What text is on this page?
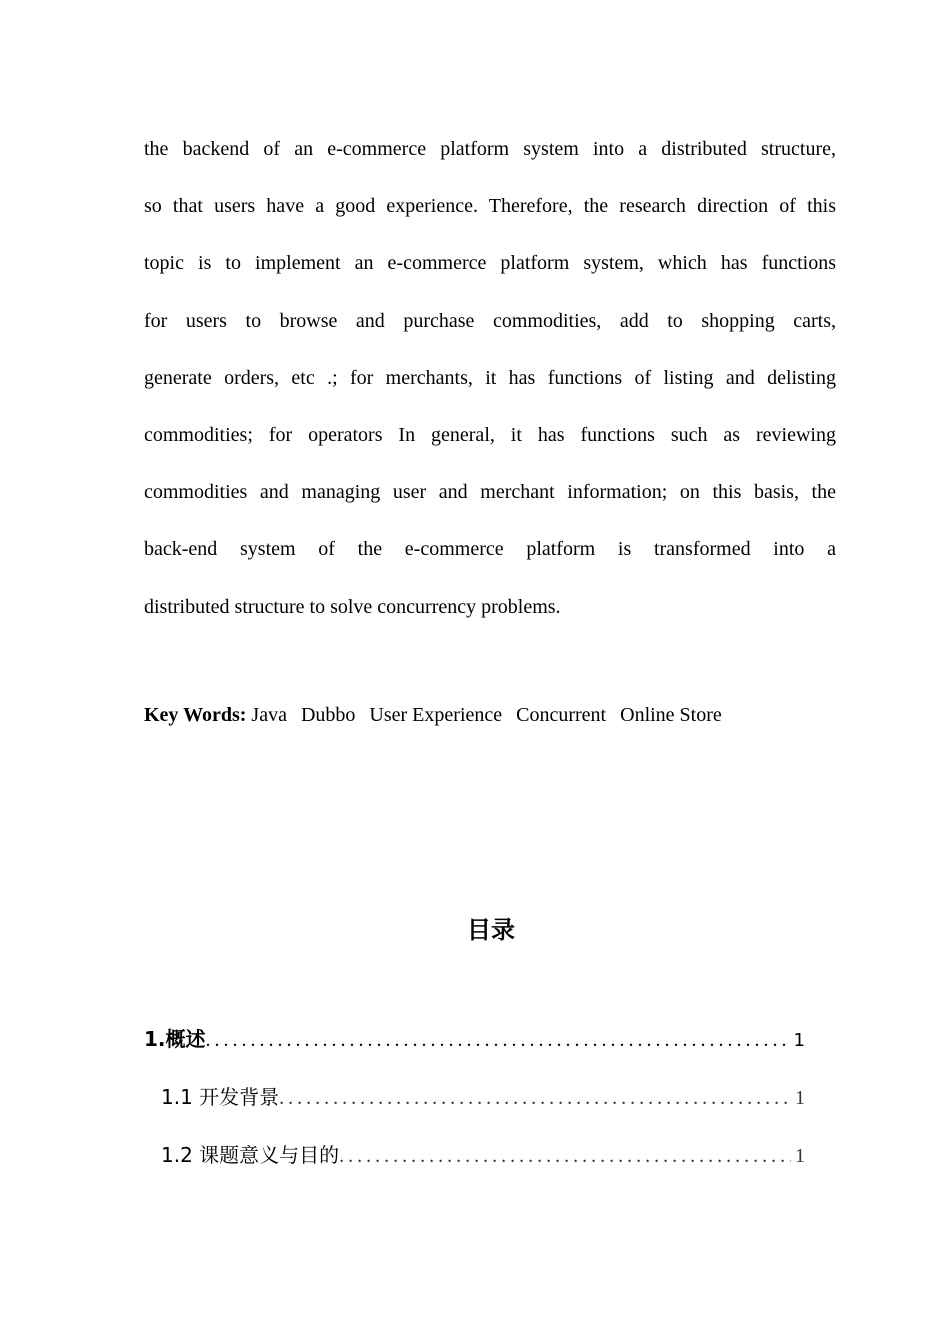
the backend of an e-commerce platform system into a distributed structure,
so that users have a good experience. Therefore, the research direction of this
topic is to implement an e-commerce platform system, which has functions
for users to browse and purchase commodities, add to shopping carts,
generate orders, etc .; for merchants, it has functions of listing and delisting
commodities; for operators In general, it has functions such as reviewing
commodities and managing user and merchant information; on this basis, the
back-end system of the e-commerce platform is transformed into a
distributed structure to solve concurrency problems.
Key Words: Java Dubbo User Experience Concurrent Online Store
目录
1.概述 . . .	1
1.1 开发背景 . . .	1
1.2 课题意义与目的 . . .	1
